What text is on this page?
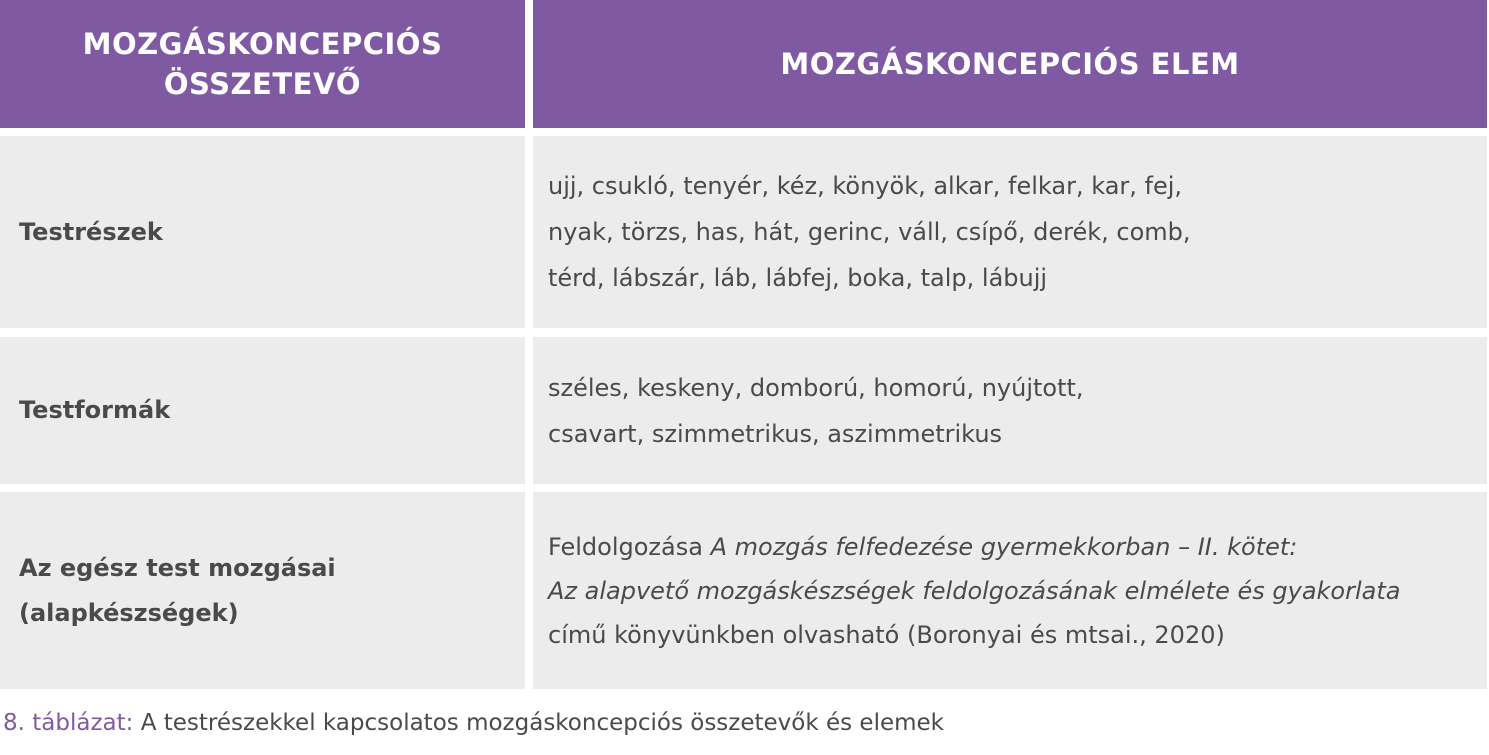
MOZGÁSKONCEPCIÓS
ÖSSZETEVŐ
MOZGÁSKONCEPCIÓS ELEM
Testrészek
ujj, csukló, tenyér, kéz, könyök, alkar, felkar, kar, fej,
nyak, törzs, has, hát, gerinc, váll, csípő, derék, comb,
térd, lábszár, láb, lábfej, boka, talp, lábujj
Testformák
széles, keskeny, domború, homorú, nyújtott,
csavart, szimmetrikus, aszimmetrikus
Az egész test mozgásai
(alapkészségek)
Feldolgozása A mozgás felfedezése gyermekkorban – II. kötet:
Az alapvető mozgáskészségek feldolgozásának elmélete és gyakorlata
című könyvünkben olvasható (Boronyai és mtsai., 2020)
8. táblázat: A testrészekkel kapcsolatos mozgáskoncepciós összetevők és elemek
